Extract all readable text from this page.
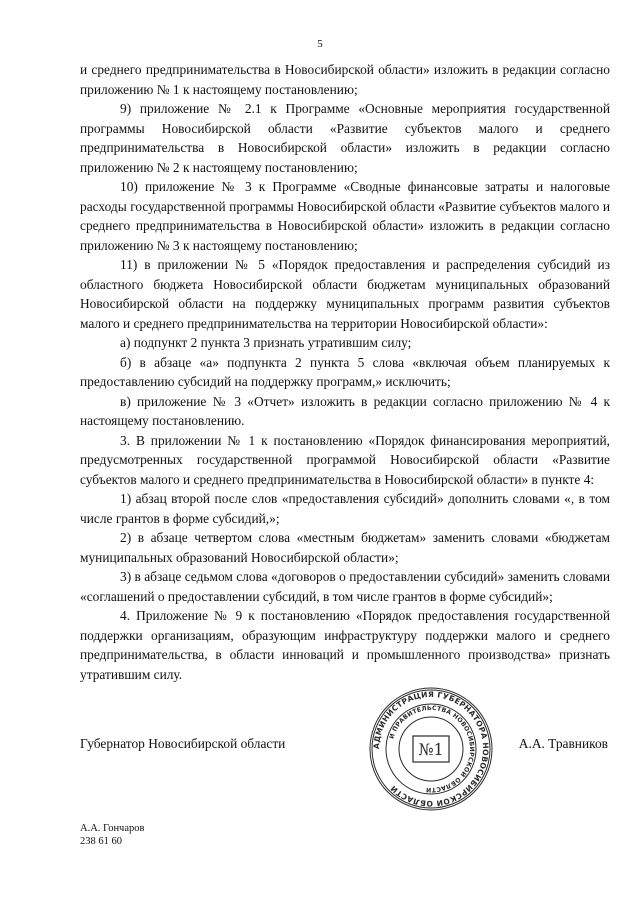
5

и среднего предпринимательства в Новосибирской области» изложить в редакции согласно приложению № 1 к настоящему постановлению;

9) приложение № 2.1 к Программе «Основные мероприятия государственной программы Новосибирской области «Развитие субъектов малого и среднего предпринимательства в Новосибирской области» изложить в редакции согласно приложению № 2 к настоящему постановлению;

10) приложение № 3 к Программе «Сводные финансовые затраты и налоговые расходы государственной программы Новосибирской области «Развитие субъектов малого и среднего предпринимательства в Новосибирской области» изложить в редакции согласно приложению № 3 к настоящему постановлению;

11) в приложении № 5 «Порядок предоставления и распределения субсидий из областного бюджета Новосибирской области бюджетам муниципальных образований Новосибирской области на поддержку муниципальных программ развития субъектов малого и среднего предпринимательства на территории Новосибирской области»:

а) подпункт 2 пункта 3 признать утратившим силу;

б) в абзаце «а» подпункта 2 пункта 5 слова «включая объем планируемых к предоставлению субсидий на поддержку программ,» исключить;

в) приложение № 3 «Отчет» изложить в редакции согласно приложению № 4 к настоящему постановлению.

3. В приложении № 1 к постановлению «Порядок финансирования мероприятий, предусмотренных государственной программой Новосибирской области «Развитие субъектов малого и среднего предпринимательства в Новосибирской области» в пункте 4:

1) абзац второй после слов «предоставления субсидий» дополнить словами «, в том числе грантов в форме субсидий,»;

2) в абзаце четвертом слова «местным бюджетам» заменить словами «бюджетам муниципальных образований Новосибирской области»;

3) в абзаце седьмом слова «договоров о предоставлении субсидий» заменить словами «соглашений о предоставлении субсидий, в том числе грантов в форме субсидий»;

4. Приложение № 9 к постановлению «Порядок предоставления государственной поддержки организациям, образующим инфраструктуру поддержки малого и среднего предпринимательства, в области инноваций и промышленного производства» признать утратившим силу.

Губернатор Новосибирской области	А.А. Травников
АДМИНИСТРАЦИЯ ГУБЕРНАТОРА НОВОСИБИРСКОЙ ОБЛАСТИ
И ПРАВИТЕЛЬСТВА НОВОСИБИРСКОЙ ОБЛАСТИ
№1
А.А. Гончаров
238 61 60
